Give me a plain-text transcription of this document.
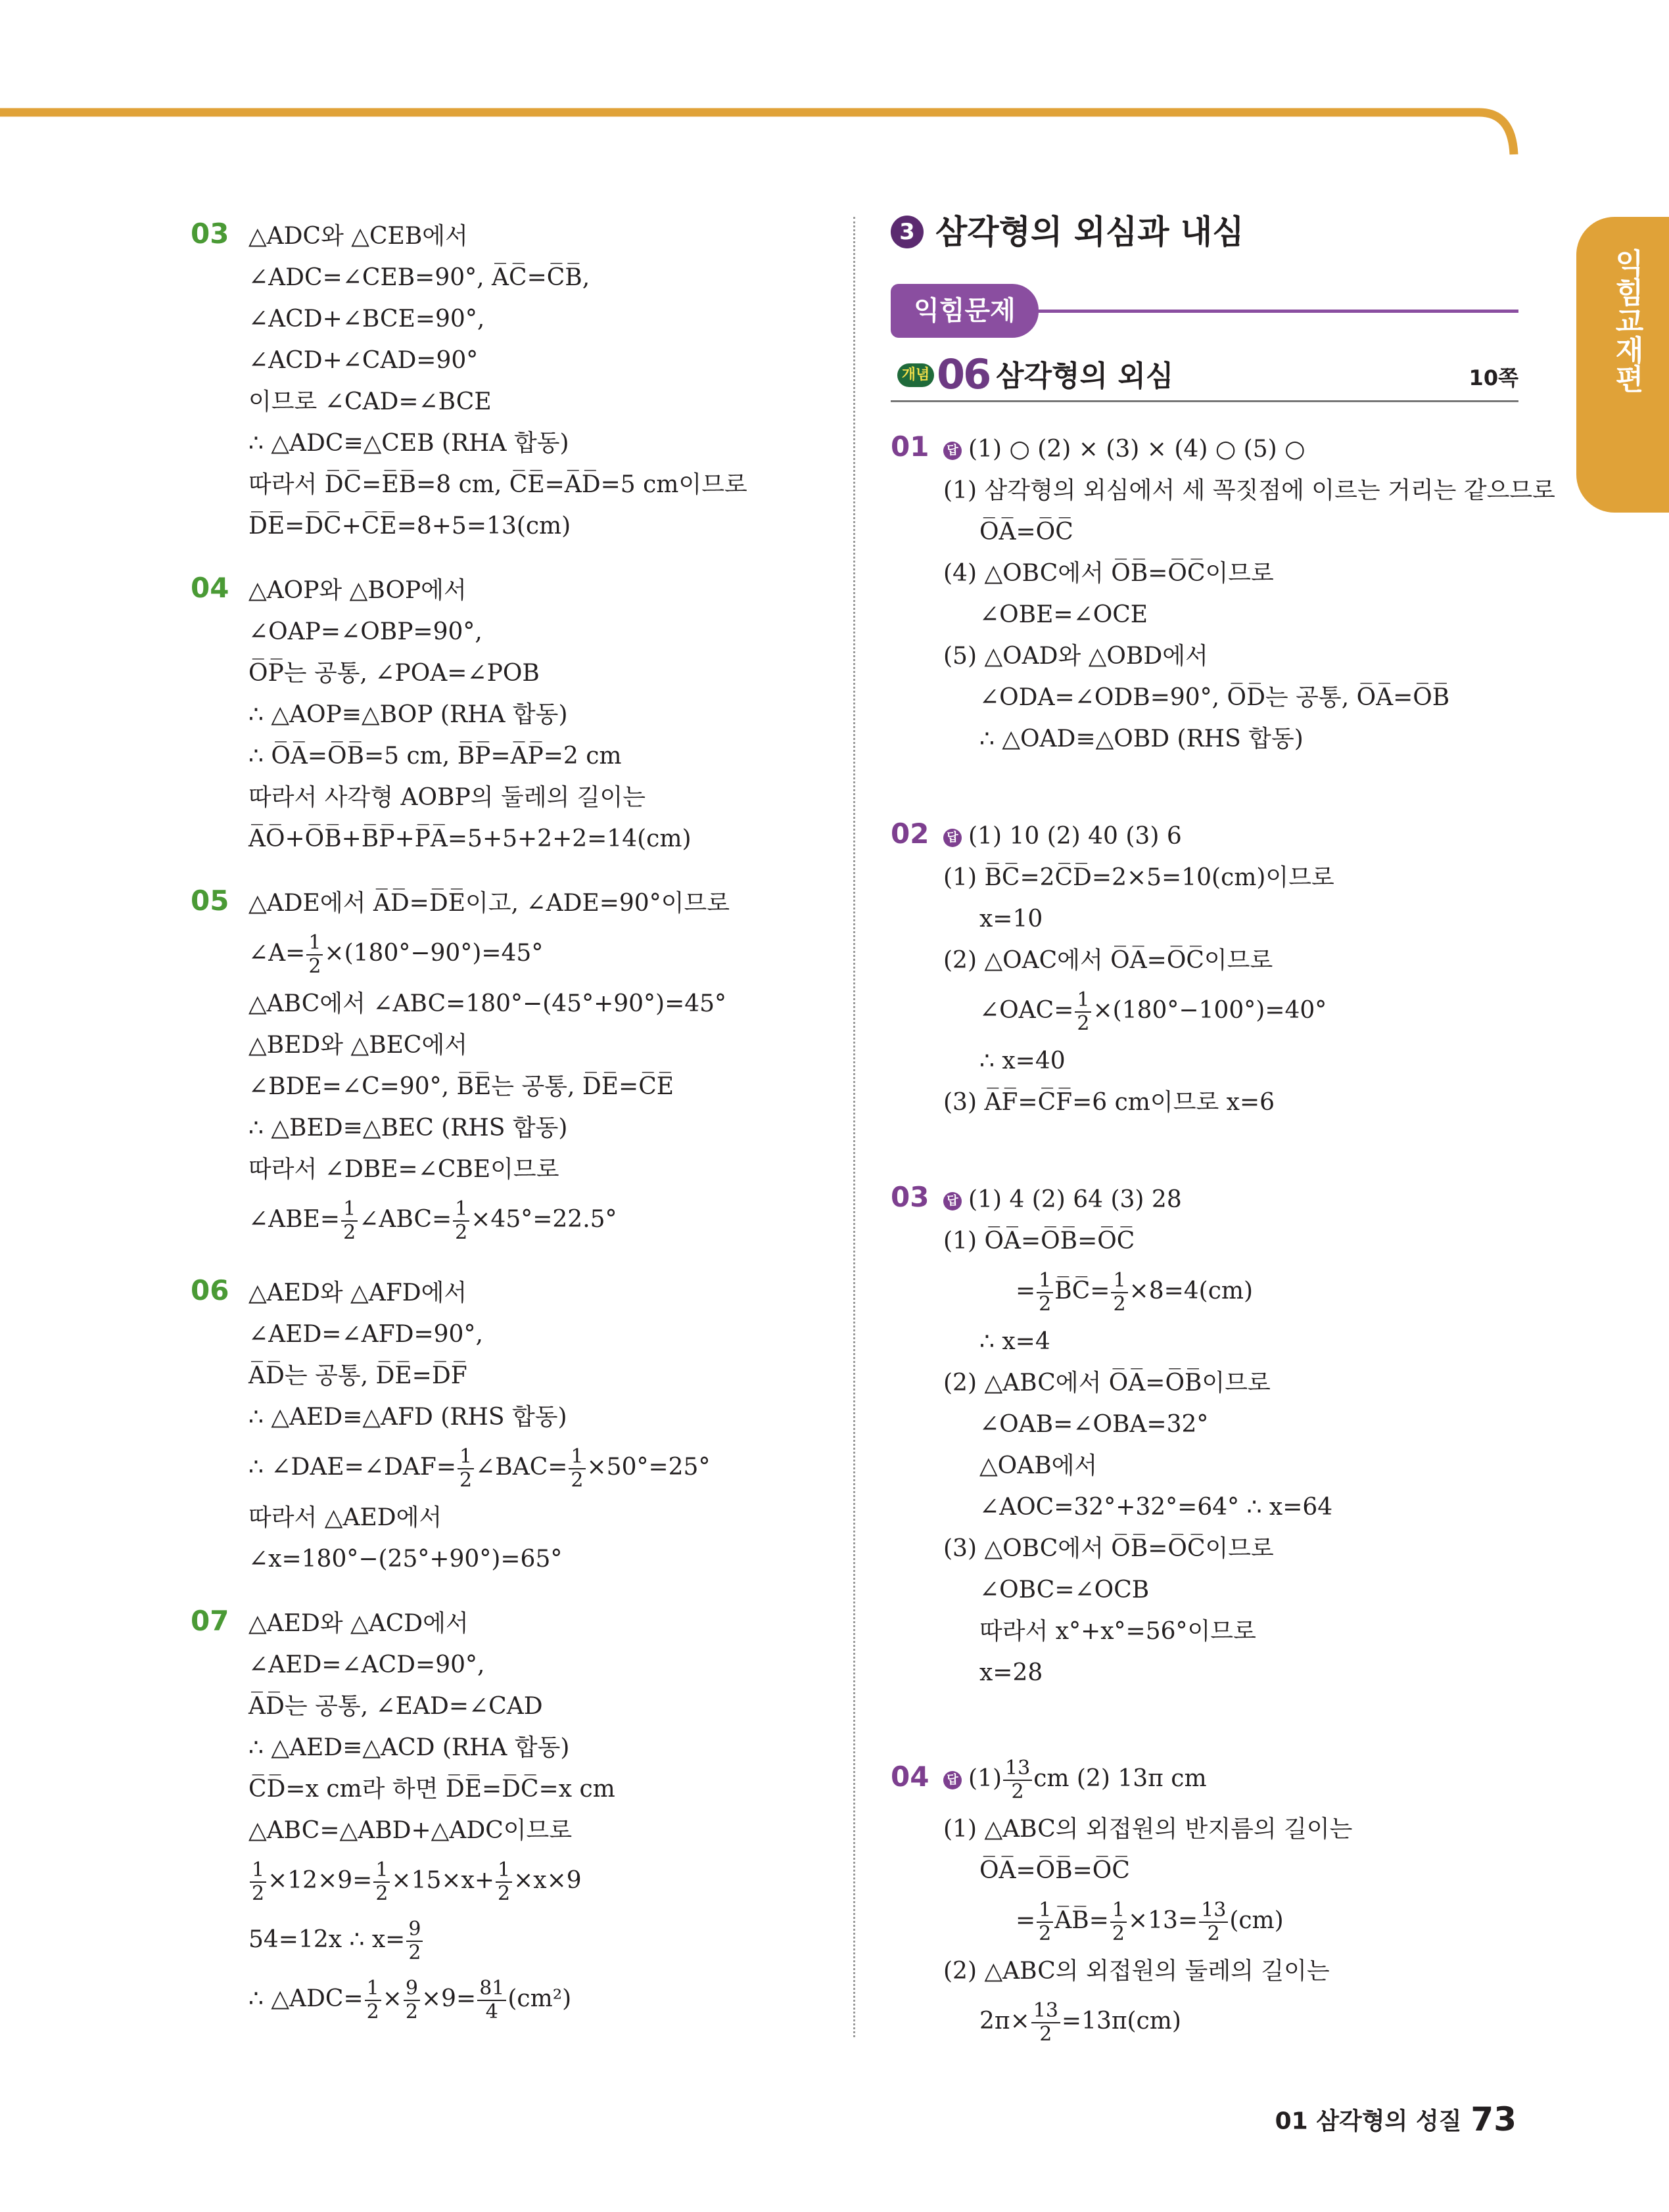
익힘교재편
03 △ADC와 △CEB에서
∠ADC=∠CEB=90°, A̅C̅=C̅B̅,
∠ACD+∠BCE=90°,
∠ACD+∠CAD=90°
이므로 ∠CAD=∠BCE
∴ △ADC≡△CEB (RHA 합동)
따라서 D̅C̅=E̅B̅=8 cm, C̅E̅=A̅D̅=5 cm이므로
D̅E̅=D̅C̅+C̅E̅=8+5=13(cm)
04 △AOP와 △BOP에서
∠OAP=∠OBP=90°,
O̅P̅는 공통, ∠POA=∠POB
∴ △AOP≡△BOP (RHA 합동)
∴ O̅A̅=O̅B̅=5 cm, B̅P̅=A̅P̅=2 cm
따라서 사각형 AOBP의 둘레의 길이는
A̅O̅+O̅B̅+B̅P̅+P̅A̅=5+5+2+2=14(cm)
05 △ADE에서 A̅D̅=D̅E̅이고, ∠ADE=90°이므로
∠A= $\frac{1}{2} \times(180^\circ-90^\circ)=45^\circ$
△ABC에서 ∠ABC=180°−(45°+90°)=45°
△BED와 △BEC에서
∠BDE=∠C=90°, B̅E̅는 공통, D̅E̅=C̅E̅
∴ △BED≡△BEC (RHS 합동)
따라서 ∠DBE=∠CBE이므로
∠ABE= $\frac{1}{2}$ ∠ABC= $\frac{1}{2} \times 45^\circ=22.5^\circ$
06 △AED와 △AFD에서
∠AED=∠AFD=90°,
A̅D̅는 공통, D̅E̅=D̅F̅
∴ △AED≡△AFD (RHS 합동)
∴ ∠DAE=∠DAF= $\frac{1}{2}$ ∠BAC= $\frac{1}{2} \times 50^\circ=25^\circ$
따라서 △AED에서
∠x=180°−(25°+90°)=65°
07 △AED와 △ACD에서
∠AED=∠ACD=90°,
A̅D̅는 공통, ∠EAD=∠CAD
∴ △AED≡△ACD (RHA 합동)
C̅D̅=x cm라 하면 D̅E̅=D̅C̅=x cm
△ABC=△ABD+△ADC이므로
$\frac{1}{2} \times 12\times 9= \frac{1}{2} \times 15\times x+ \frac{1}{2} \times x\times 9$
54=12x ∴ $x= \frac{9}{2}$
∴ △ADC= $\frac{1}{2} \times \frac{9}{2} \times 9= \frac{81}{4} (cm^2)$
3 삼각형의 외심과 내심
익힘문제
개념 06 삼각형의 외심	10쪽
01 답 (1) ○ (2) × (3) × (4) ○ (5) ○
(1) 삼각형의 외심에서 세 꼭짓점에 이르는 거리는 같으므로
O̅A̅=O̅C̅
(4) △OBC에서 O̅B̅=O̅C̅이므로
∠OBE=∠OCE
(5) △OAD와 △OBD에서
∠ODA=∠ODB=90°, O̅D̅는 공통, O̅A̅=O̅B̅
∴ △OAD≡△OBD (RHS 합동)
02 답 (1) 10 (2) 40 (3) 6
(1) B̅C̅=2C̅D̅=2×5=10(cm)이므로
x=10
(2) △OAC에서 O̅A̅=O̅C̅이므로
∠OAC= $\frac{1}{2} \times(180^\circ-100^\circ)=40^\circ$
∴ x=40
(3) A̅F̅=C̅F̅=6 cm이므로 x=6
03 답 (1) 4 (2) 64 (3) 28
(1) O̅A̅=O̅B̅=O̅C̅
= $\frac{1}{2}$ B̅C̅= $\frac{1}{2} \times 8=4(cm)$
∴ x=4
(2) △ABC에서 O̅A̅=O̅B̅이므로
∠OAB=∠OBA=32°
△OAB에서
∠AOC=32°+32°=64° ∴ x=64
(3) △OBC에서 O̅B̅=O̅C̅이므로
∠OBC=∠OCB
따라서 x°+x°=56°이므로
x=28
04 답 $(1) \frac{13}{2}$ cm (2) 13π cm
(1) △ABC의 외접원의 반지름의 길이는
O̅A̅=O̅B̅=O̅C̅
= $\frac{1}{2}$ A̅B̅= $\frac{1}{2} \times 13= \frac{13}{2} (cm)$
(2) △ABC의 외접원의 둘레의 길이는
$2\pi\times \frac{13}{2} =13\pi(cm)$
01 삼각형의 성질 73
